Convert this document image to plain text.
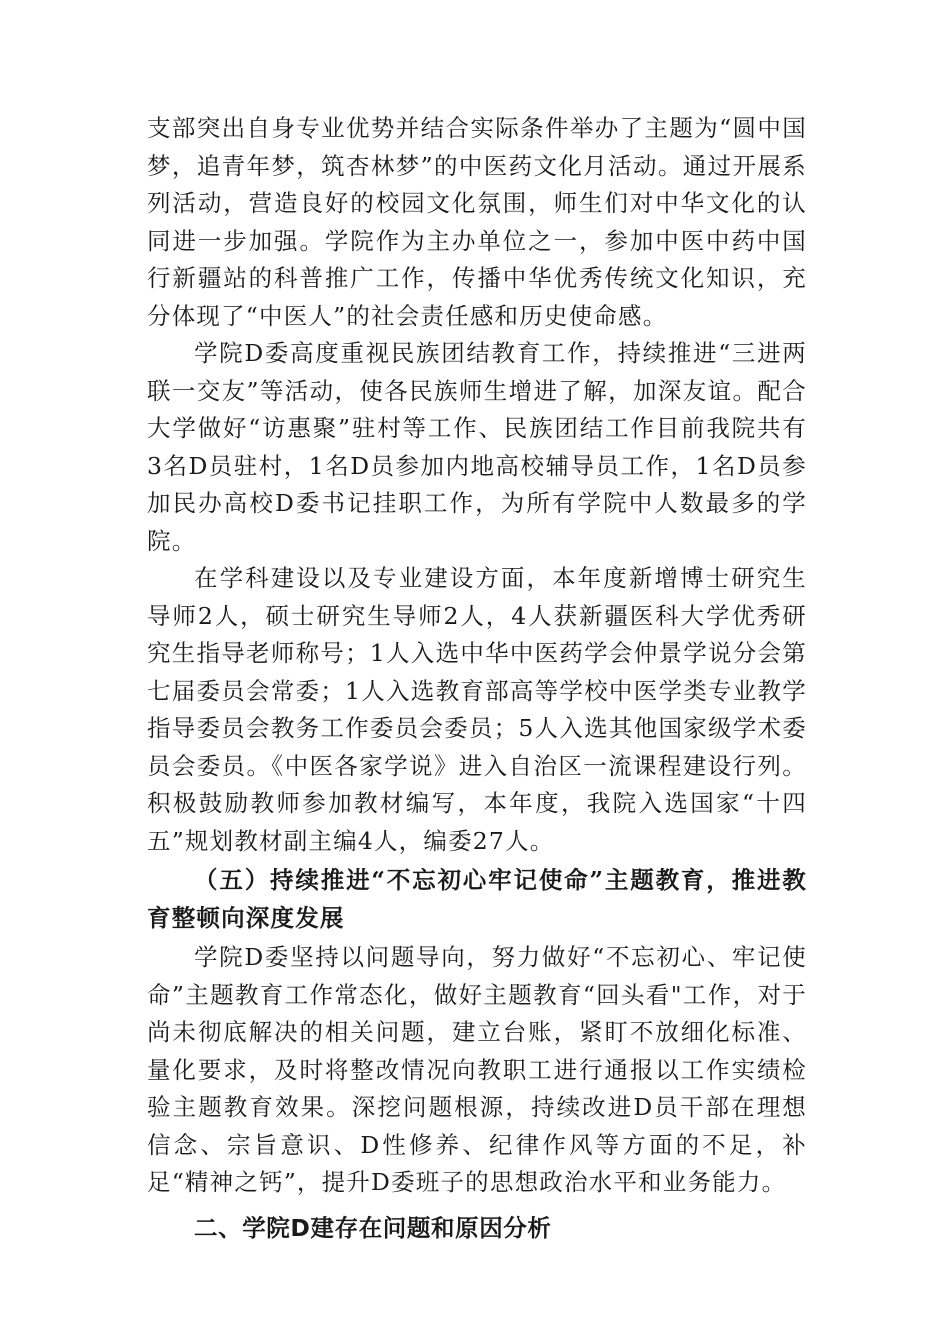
支部突出自身专业优势并结合实际条件举办了主题为“圆中国梦，追青年梦，筑杏林梦”的中医药文化月活动。通过开展系列活动，营造良好的校园文化氛围，师生们对中华文化的认同进一步加强。学院作为主办单位之一，参加中医中药中国行新疆站的科普推广工作，传播中华优秀传统文化知识，充分体现了“中医人”的社会责任感和历史使命感。

学院D委高度重视民族团结教育工作，持续推进“三进两联一交友”等活动，使各民族师生增进了解，加深友谊。配合大学做好“访惠聚”驻村等工作、民族团结工作目前我院共有3名D员驻村，1名D员参加内地高校辅导员工作，1名D员参加民办高校D委书记挂职工作，为所有学院中人数最多的学院。

在学科建设以及专业建设方面，本年度新增博士研究生导师2人，硕士研究生导师2人，4人获新疆医科大学优秀研究生指导老师称号；1人入选中华中医药学会仲景学说分会第七届委员会常委；1人入选教育部高等学校中医学类专业教学指导委员会教务工作委员会委员；5人入选其他国家级学术委员会委员。《中医各家学说》进入自治区一流课程建设行列。积极鼓励教师参加教材编写，本年度，我院入选国家“十四五”规划教材副主编4人，编委27人。

（五）持续推进“不忘初心牢记使命”主题教育，推进教育整顿向深度发展

学院D委坚持以问题导向，努力做好“不忘初心、牢记使命”主题教育工作常态化，做好主题教育“回头看"工作，对于尚未彻底解决的相关问题，建立台账，紧盯不放细化标准、量化要求，及时将整改情况向教职工进行通报以工作实绩检验主题教育效果。深挖问题根源，持续改进D员干部在理想信念、宗旨意识、D性修养、纪律作风等方面的不足，补足“精神之钙”，提升D委班子的思想政治水平和业务能力。

二、学院D建存在问题和原因分析
